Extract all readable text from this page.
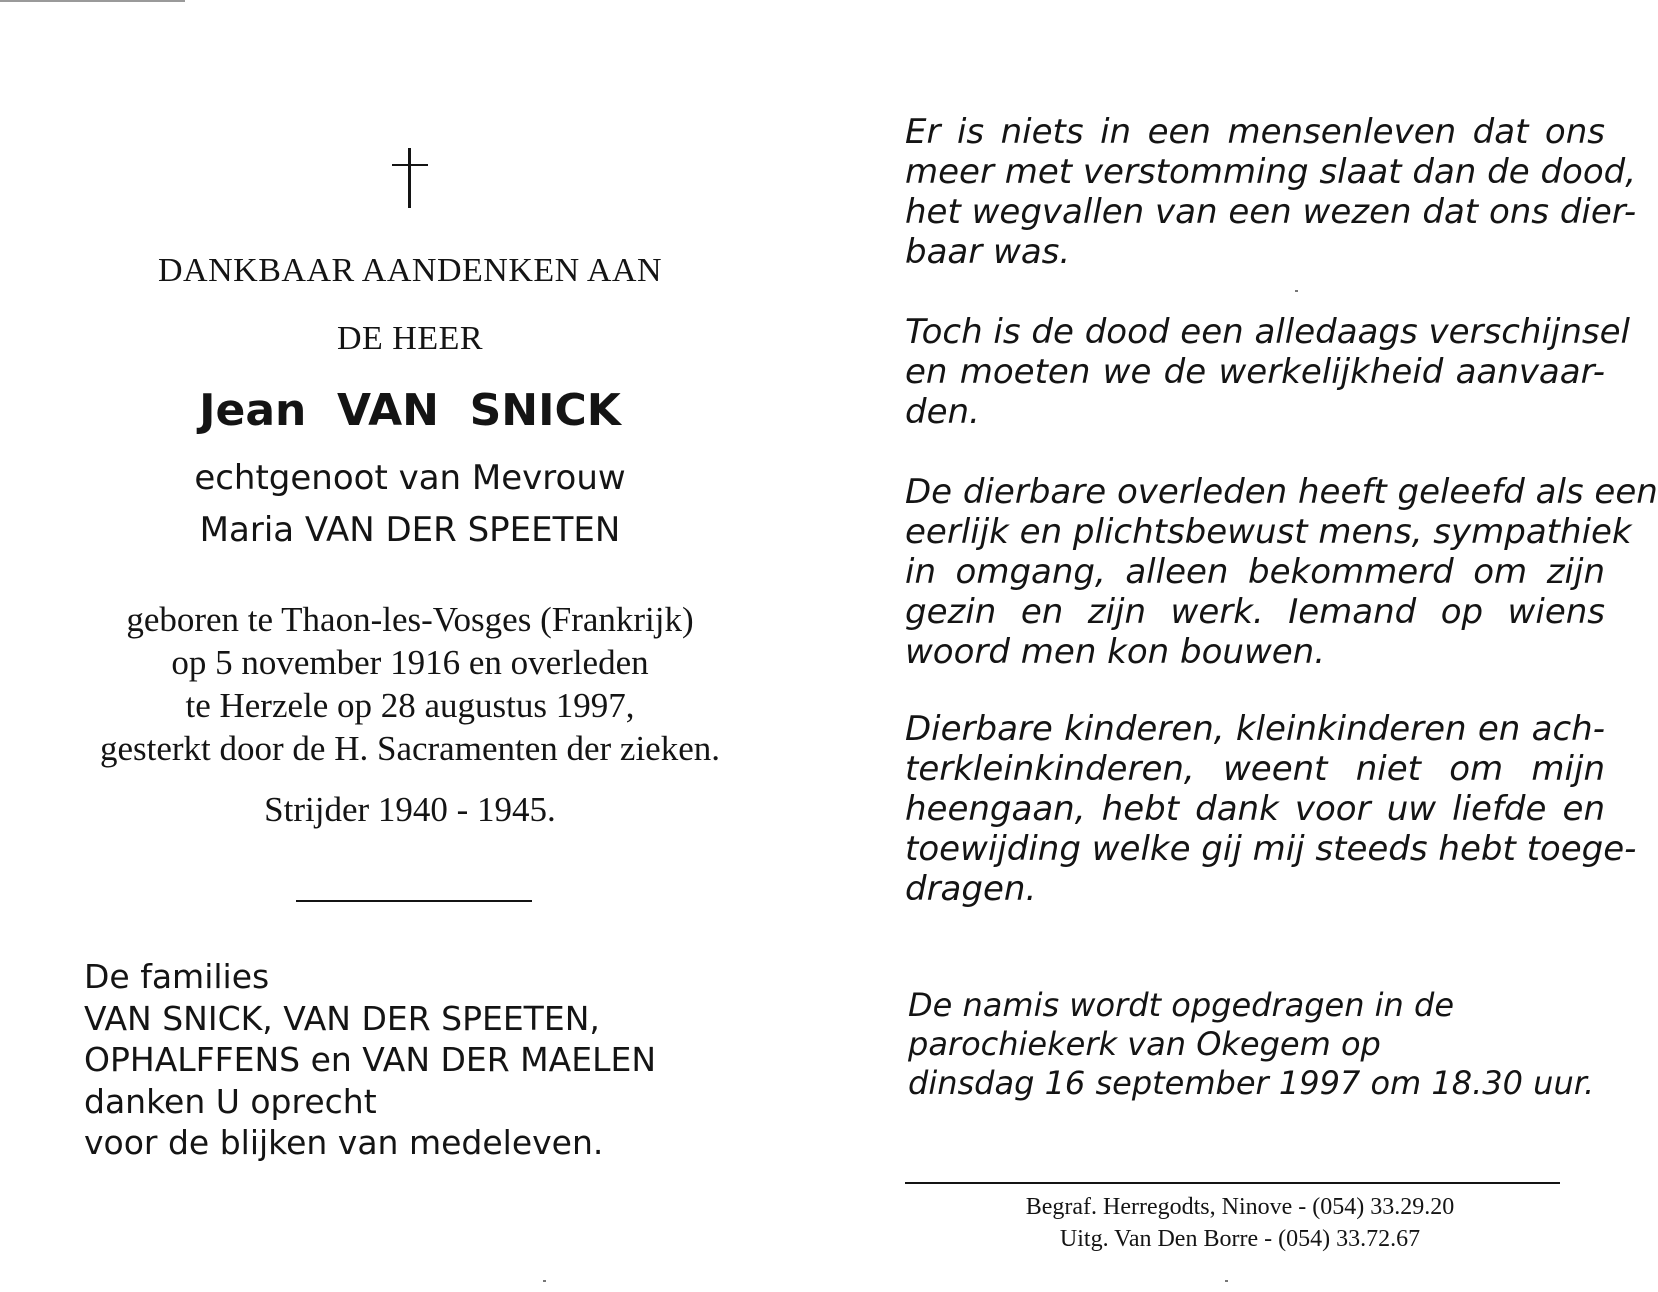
DANKBAAR AANDENKEN AAN
DE HEER
Jean  VAN  SNICK
echtgenoot van Mevrouw
Maria VAN DER SPEETEN
geboren te Thaon-les-Vosges (Frankrijk)
op 5 november 1916 en overleden
te Herzele op 28 augustus 1997,
gesterkt door de H. Sacramenten der zieken.
Strijder 1940 - 1945.
De families
VAN SNICK, VAN DER SPEETEN,
OPHALFFENS en VAN DER MAELEN
danken U oprecht
voor de blijken van medeleven.
Er is niets in een mensenleven dat ons
meer met verstomming slaat dan de dood,
het wegvallen van een wezen dat ons dier-
baar was.
Toch is de dood een alledaags verschijnsel
en moeten we de werkelijkheid aanvaar-
den.
De dierbare overleden heeft geleefd als een
eerlijk en plichtsbewust mens, sympathiek
in omgang, alleen bekommerd om zijn
gezin en zijn werk. Iemand op wiens
woord men kon bouwen.
Dierbare kinderen, kleinkinderen en ach-
terkleinkinderen, weent niet om mijn
heengaan, hebt dank voor uw liefde en
toewijding welke gij mij steeds hebt toege-
dragen.
De namis wordt opgedragen in de
parochiekerk van Okegem op
dinsdag 16 september 1997 om 18.30 uur.
Begraf. Herregodts, Ninove - (054) 33.29.20
Uitg. Van Den Borre - (054) 33.72.67
